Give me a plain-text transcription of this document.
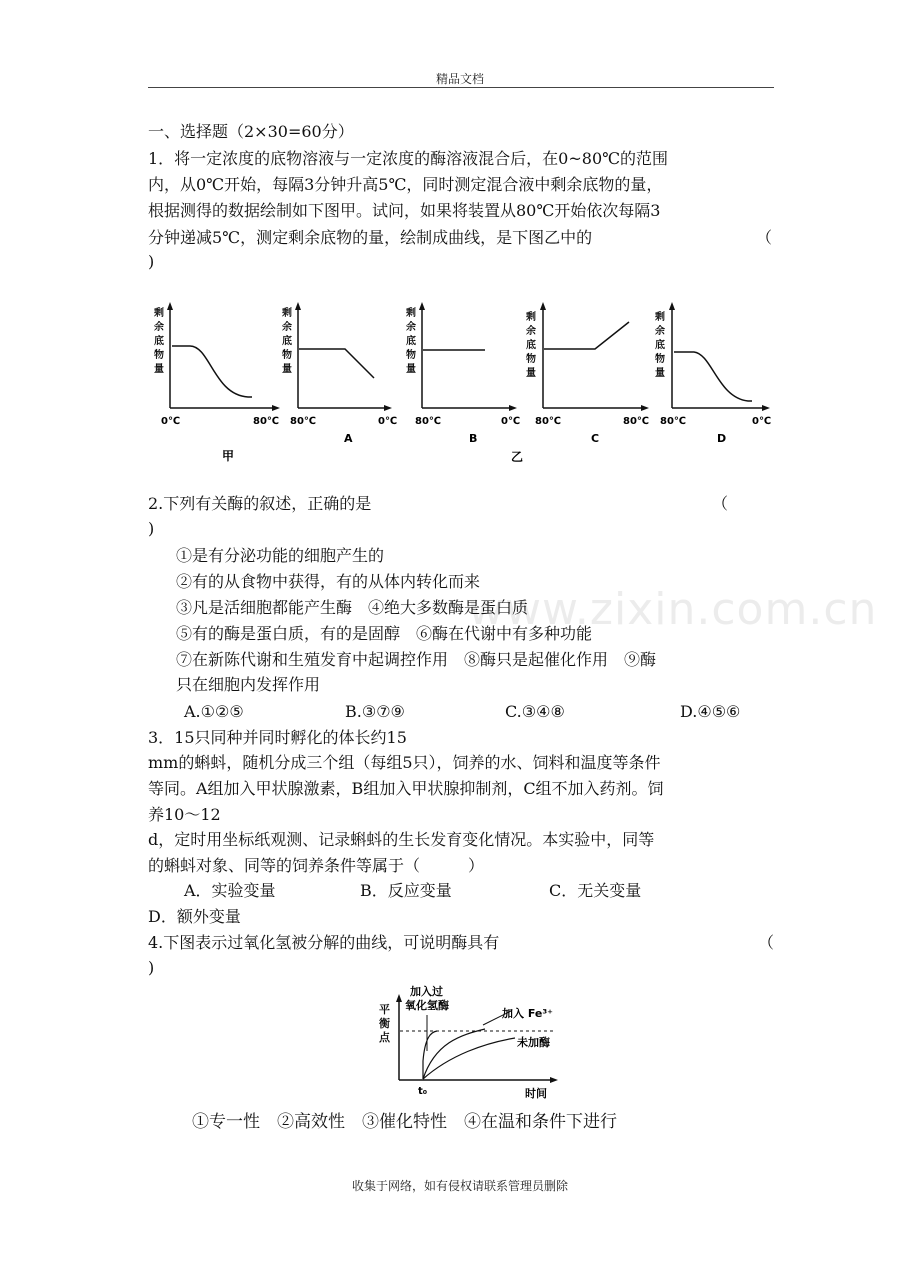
精品文档
www.zixin.com.cn
一、选择题（2×30=60分）
1．将一定浓度的底物溶液与一定浓度的酶溶液混合后，在0~80℃的范围
内，从0℃开始，每隔3分钟升高5℃，同时测定混合液中剩余底物的量，
根据测得的数据绘制如下图甲。试问，如果将装置从80℃开始依次每隔3
分钟递减5℃，测定剩余底物的量，绘制成曲线，是下图乙中的	（
)
剩
余
底
物
量
0℃	80℃
甲
剩
余
底
物
量
80℃	0℃
A
剩
余
底
物
量
80℃	0℃
B
乙
剩
余
底
物
量
80℃	80℃
C
剩
余
底
物
量
80℃	0℃
D
2.下列有关酶的叙述，正确的是	（
)
①是有分泌功能的细胞产生的
②有的从食物中获得，有的从体内转化而来
③凡是活细胞都能产生酶　④绝大多数酶是蛋白质
⑤有的酶是蛋白质，有的是固醇　⑥酶在代谢中有多种功能
⑦在新陈代谢和生殖发育中起调控作用　⑧酶只是起催化作用　⑨酶
只在细胞内发挥作用
A.①②⑤	B.③⑦⑨	C.③④⑧	D.④⑤⑥
3．15只同种并同时孵化的体长约15
mm的蝌蚪，随机分成三个组（每组5只），饲养的水、饲料和温度等条件
等同。A组加入甲状腺激素，B组加入甲状腺抑制剂，C组不加入药剂。饲
养10～12
d，定时用坐标纸观测、记录蝌蚪的生长发育变化情况。本实验中，同等
的蝌蚪对象、同等的饲养条件等属于（　　　）
A．实验变量	B．反应变量	C．无关变量
D．额外变量
4.下图表示过氧化氢被分解的曲线，可说明酶具有	（
)
平
衡
点
加入过
氧化氢酶
加入 Fe³⁺
未加酶
t₀	时间
①专一性　②高效性　③催化特性　④在温和条件下进行
收集于网络，如有侵权请联系管理员删除
